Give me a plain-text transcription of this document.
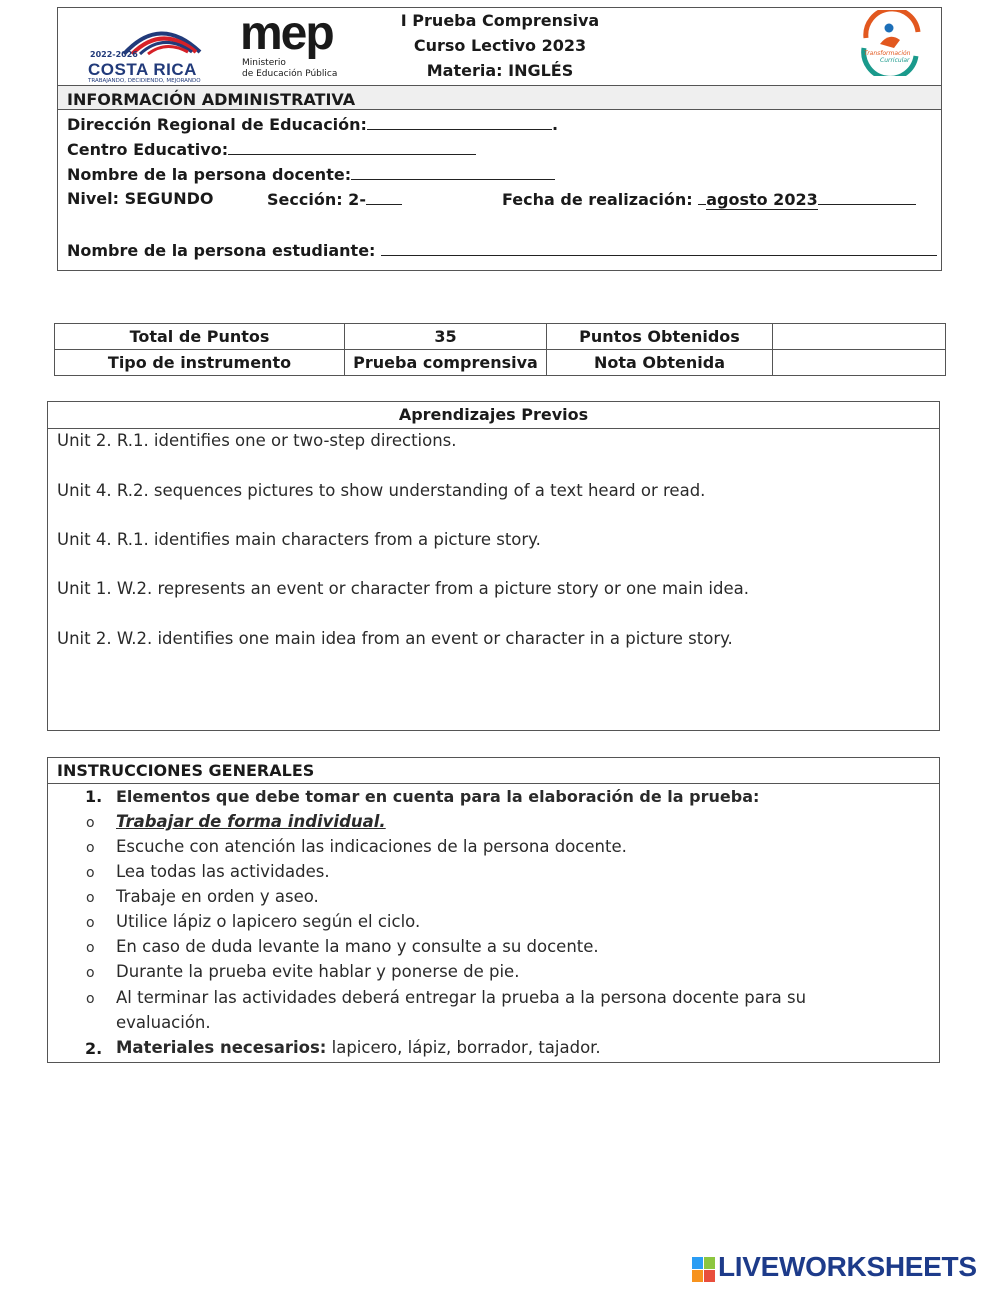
2022-2026
COSTA RICA
TRABAJANDO, DECIDIENDO, MEJORANDO
mep
Ministerio
de Educación Pública
I Prueba Comprensiva
Curso Lectivo 2023
Materia: INGLÉS
Transformación
Curricular
INFORMACIÓN ADMINISTRATIVA
Dirección Regional de Educación:	.
Centro Educativo:
Nombre de la persona docente:
Nivel: SEGUNDO	Sección: 2-	Fecha de realización: agosto 2023
Nombre de la persona estudiante:
Total de Puntos	35	Puntos Obtenidos	
Tipo de instrumento	Prueba comprensiva	Nota Obtenida	
Aprendizajes Previos
Unit 2. R.1. identifies one or two-step directions.
Unit 4. R.2. sequences pictures to show understanding of a text heard or read.
Unit 4. R.1. identifies main characters from a picture story.
Unit 1. W.2. represents an event or character from a picture story or one main idea.
Unit 2. W.2. identifies one main idea from an event or character in a picture story.
INSTRUCCIONES GENERALES
1. Elementos que debe tomar en cuenta para la elaboración de la prueba:
o Trabajar de forma individual.
o Escuche con atención las indicaciones de la persona docente.
o Lea todas las actividades.
o Trabaje en orden y aseo.
o Utilice lápiz o lapicero según el ciclo.
o En caso de duda levante la mano y consulte a su docente.
o Durante la prueba evite hablar y ponerse de pie.
o Al terminar las actividades deberá entregar la prueba a la persona docente para su
evaluación.
2. Materiales necesarios: lapicero, lápiz, borrador, tajador.
LIVEWORKSHEETS
